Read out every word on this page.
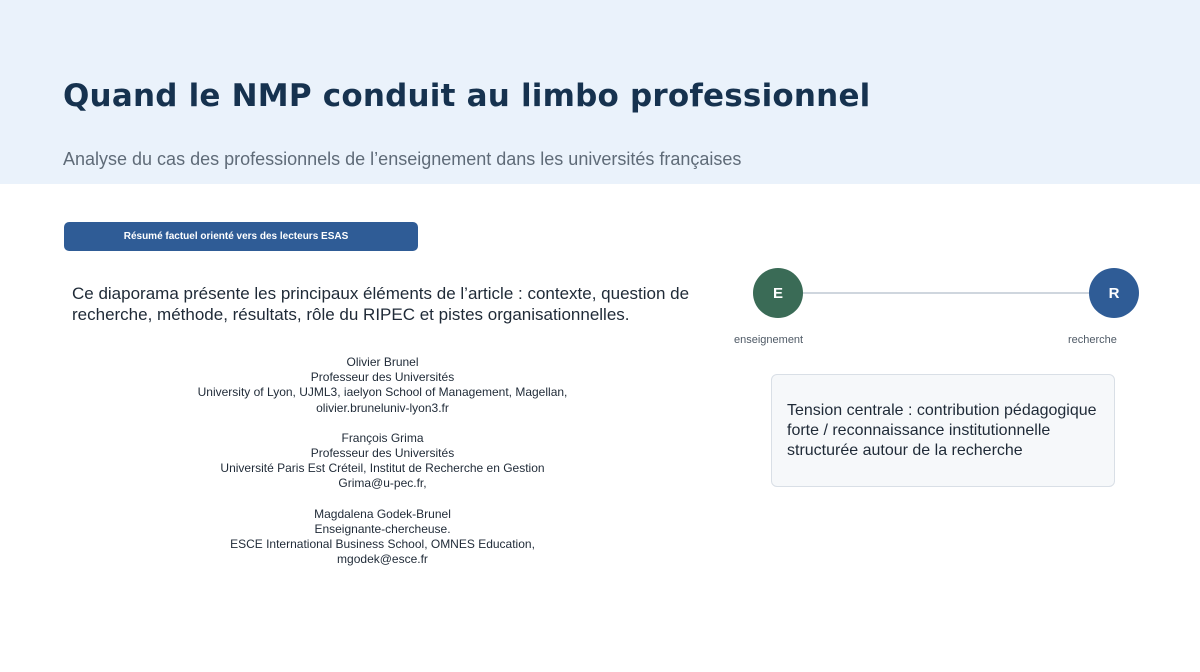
Quand le NMP conduit au limbo professionnel

Analyse du cas des professionnels de l’enseignement dans les universités françaises

Résumé factuel orienté vers des lecteurs ESAS

Ce diaporama présente les principaux éléments de l’article : contexte, question de recherche, méthode, résultats, rôle du RIPEC et pistes organisationnelles.

Olivier Brunel
Professeur des Universités
University of Lyon, UJML3, iaelyon School of Management, Magellan,
olivier.bruneluniv-lyon3.fr
François Grima
Professeur des Universités
Université Paris Est Créteil, Institut de Recherche en Gestion
Grima@u-pec.fr,
Magdalena Godek-Brunel
Enseignante-chercheuse.
ESCE International Business School, OMNES Education,
mgodek@esce.fr
E	R
enseignement	recherche
Tension centrale : contribution pédagogique forte / reconnaissance institutionnelle structurée autour de la recherche
